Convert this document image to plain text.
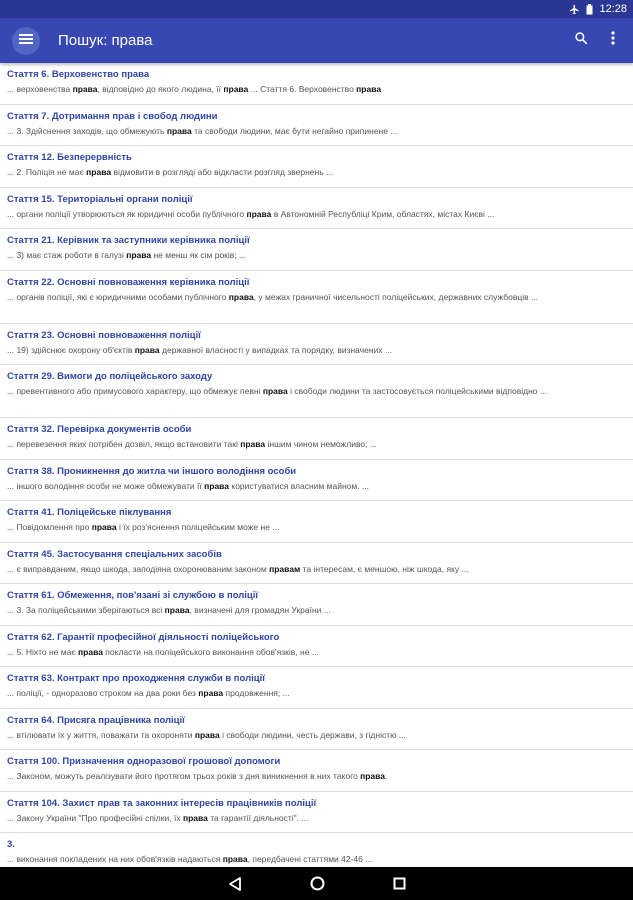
12:28
Пошук: права
Стаття 6. Верховенство права
... верховенства права, відповідно до якого людина, її права ... Стаття 6. Верховенство права
Стаття 7. Дотримання прав і свобод людини
... 3. Здійснення заходів, що обмежують права та свободи людини, має бути негайно припинене ...
Стаття 12. Безперервність
... 2. Поліція не має права відмовити в розгляді або відкласти розгляд звернень ...
Стаття 15. Територіальні органи поліції
... органи поліції утворюються як юридичні особи публічного права в Автономній Республіці Крим, областях, містах Києві ...
Стаття 21. Керівник та заступники керівника поліції
... 3) має стаж роботи в галузі права не менш як сім років; ...
Стаття 22. Основні повноваження керівника поліції
... органів поліції, які є юридичними особами публічного права, у межах граничної чисельності поліцейських, державних службовців ...
Стаття 23. Основні повноваження поліції
... 19) здійснює охорону об'єктів права державної власності у випадках та порядку, визначених ...
Стаття 29. Вимоги до поліцейського заходу
... превентивного або примусового характеру, що обмежує певні права і свободи людини та застосовується поліцейськими відповідно ...
Стаття 32. Перевірка документів особи
... перевезення яких потрібен дозвіл, якщо встановити такі права іншим чином неможливо; ...
Стаття 38. Проникнення до житла чи іншого володіння особи
... іншого володіння особи не може обмежувати її права користуватися власним майном. ...
Стаття 41. Поліцейське піклування
... Повідомлення про права і їх роз'яснення поліцейським може не ...
Стаття 45. Застосування спеціальних засобів
... є виправданим, якщо шкода, заподіяна охоронюваним законом правам та інтересам, є меншою, ніж шкода, яку ...
Стаття 61. Обмеження, пов'язані зі службою в поліції
... 3. За поліцейськими зберігаються всі права, визначені для громадян України ...
Стаття 62. Гарантії професійної діяльності поліцейського
... 5. Ніхто не має права покласти на поліцейського виконання обов'язків, не ...
Стаття 63. Контракт про проходження служби в поліції
... поліції, - одноразово строком на два роки без права продовження; ...
Стаття 64. Присяга працівника поліції
... втілювати їх у життя, поважати та охороняти права і свободи людини, честь держави, з гідністю ...
Стаття 100. Призначення одноразової грошової допомоги
... Законом, можуть реалізувати його протягом трьох років з дня виникнення в них такого права.
Стаття 104. Захист прав та законних інтересів працівників поліції
... Закону України "Про професійні спілки, їх права та гарантії діяльності". ...
3.
... виконання покладених на них обов'язків надаються права, передбачені статтями 42-46 ...
